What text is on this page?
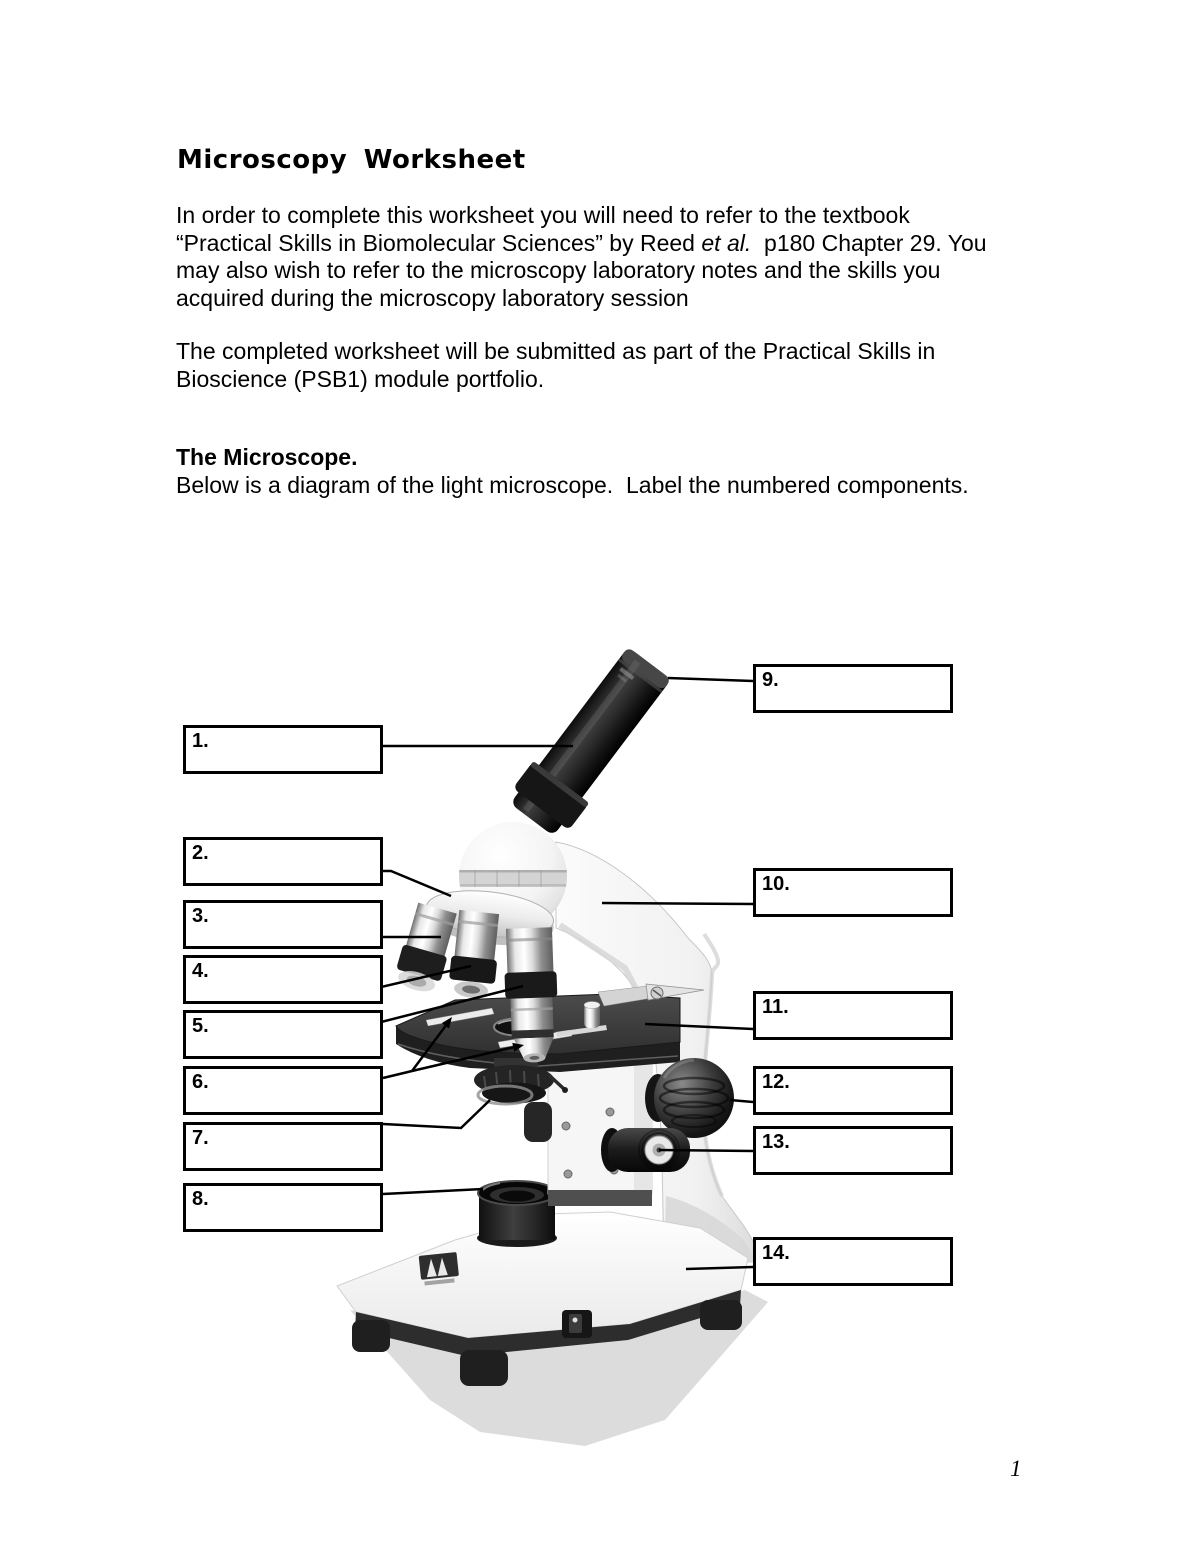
Microscopy Worksheet
In order to complete this worksheet you will need to refer to the textbook
“Practical Skills in Biomolecular Sciences” by Reed et al.  p180 Chapter 29. You
may also wish to refer to the microscopy laboratory notes and the skills you
acquired during the microscopy laboratory session
The completed worksheet will be submitted as part of the Practical Skills in
Bioscience (PSB1) module portfolio.
The Microscope.
Below is a diagram of the light microscope.  Label the numbered components.
1
1.
2.
3.
4.
5.
6.
7.
8.
9.
10.
11.
12.
13.
14.
